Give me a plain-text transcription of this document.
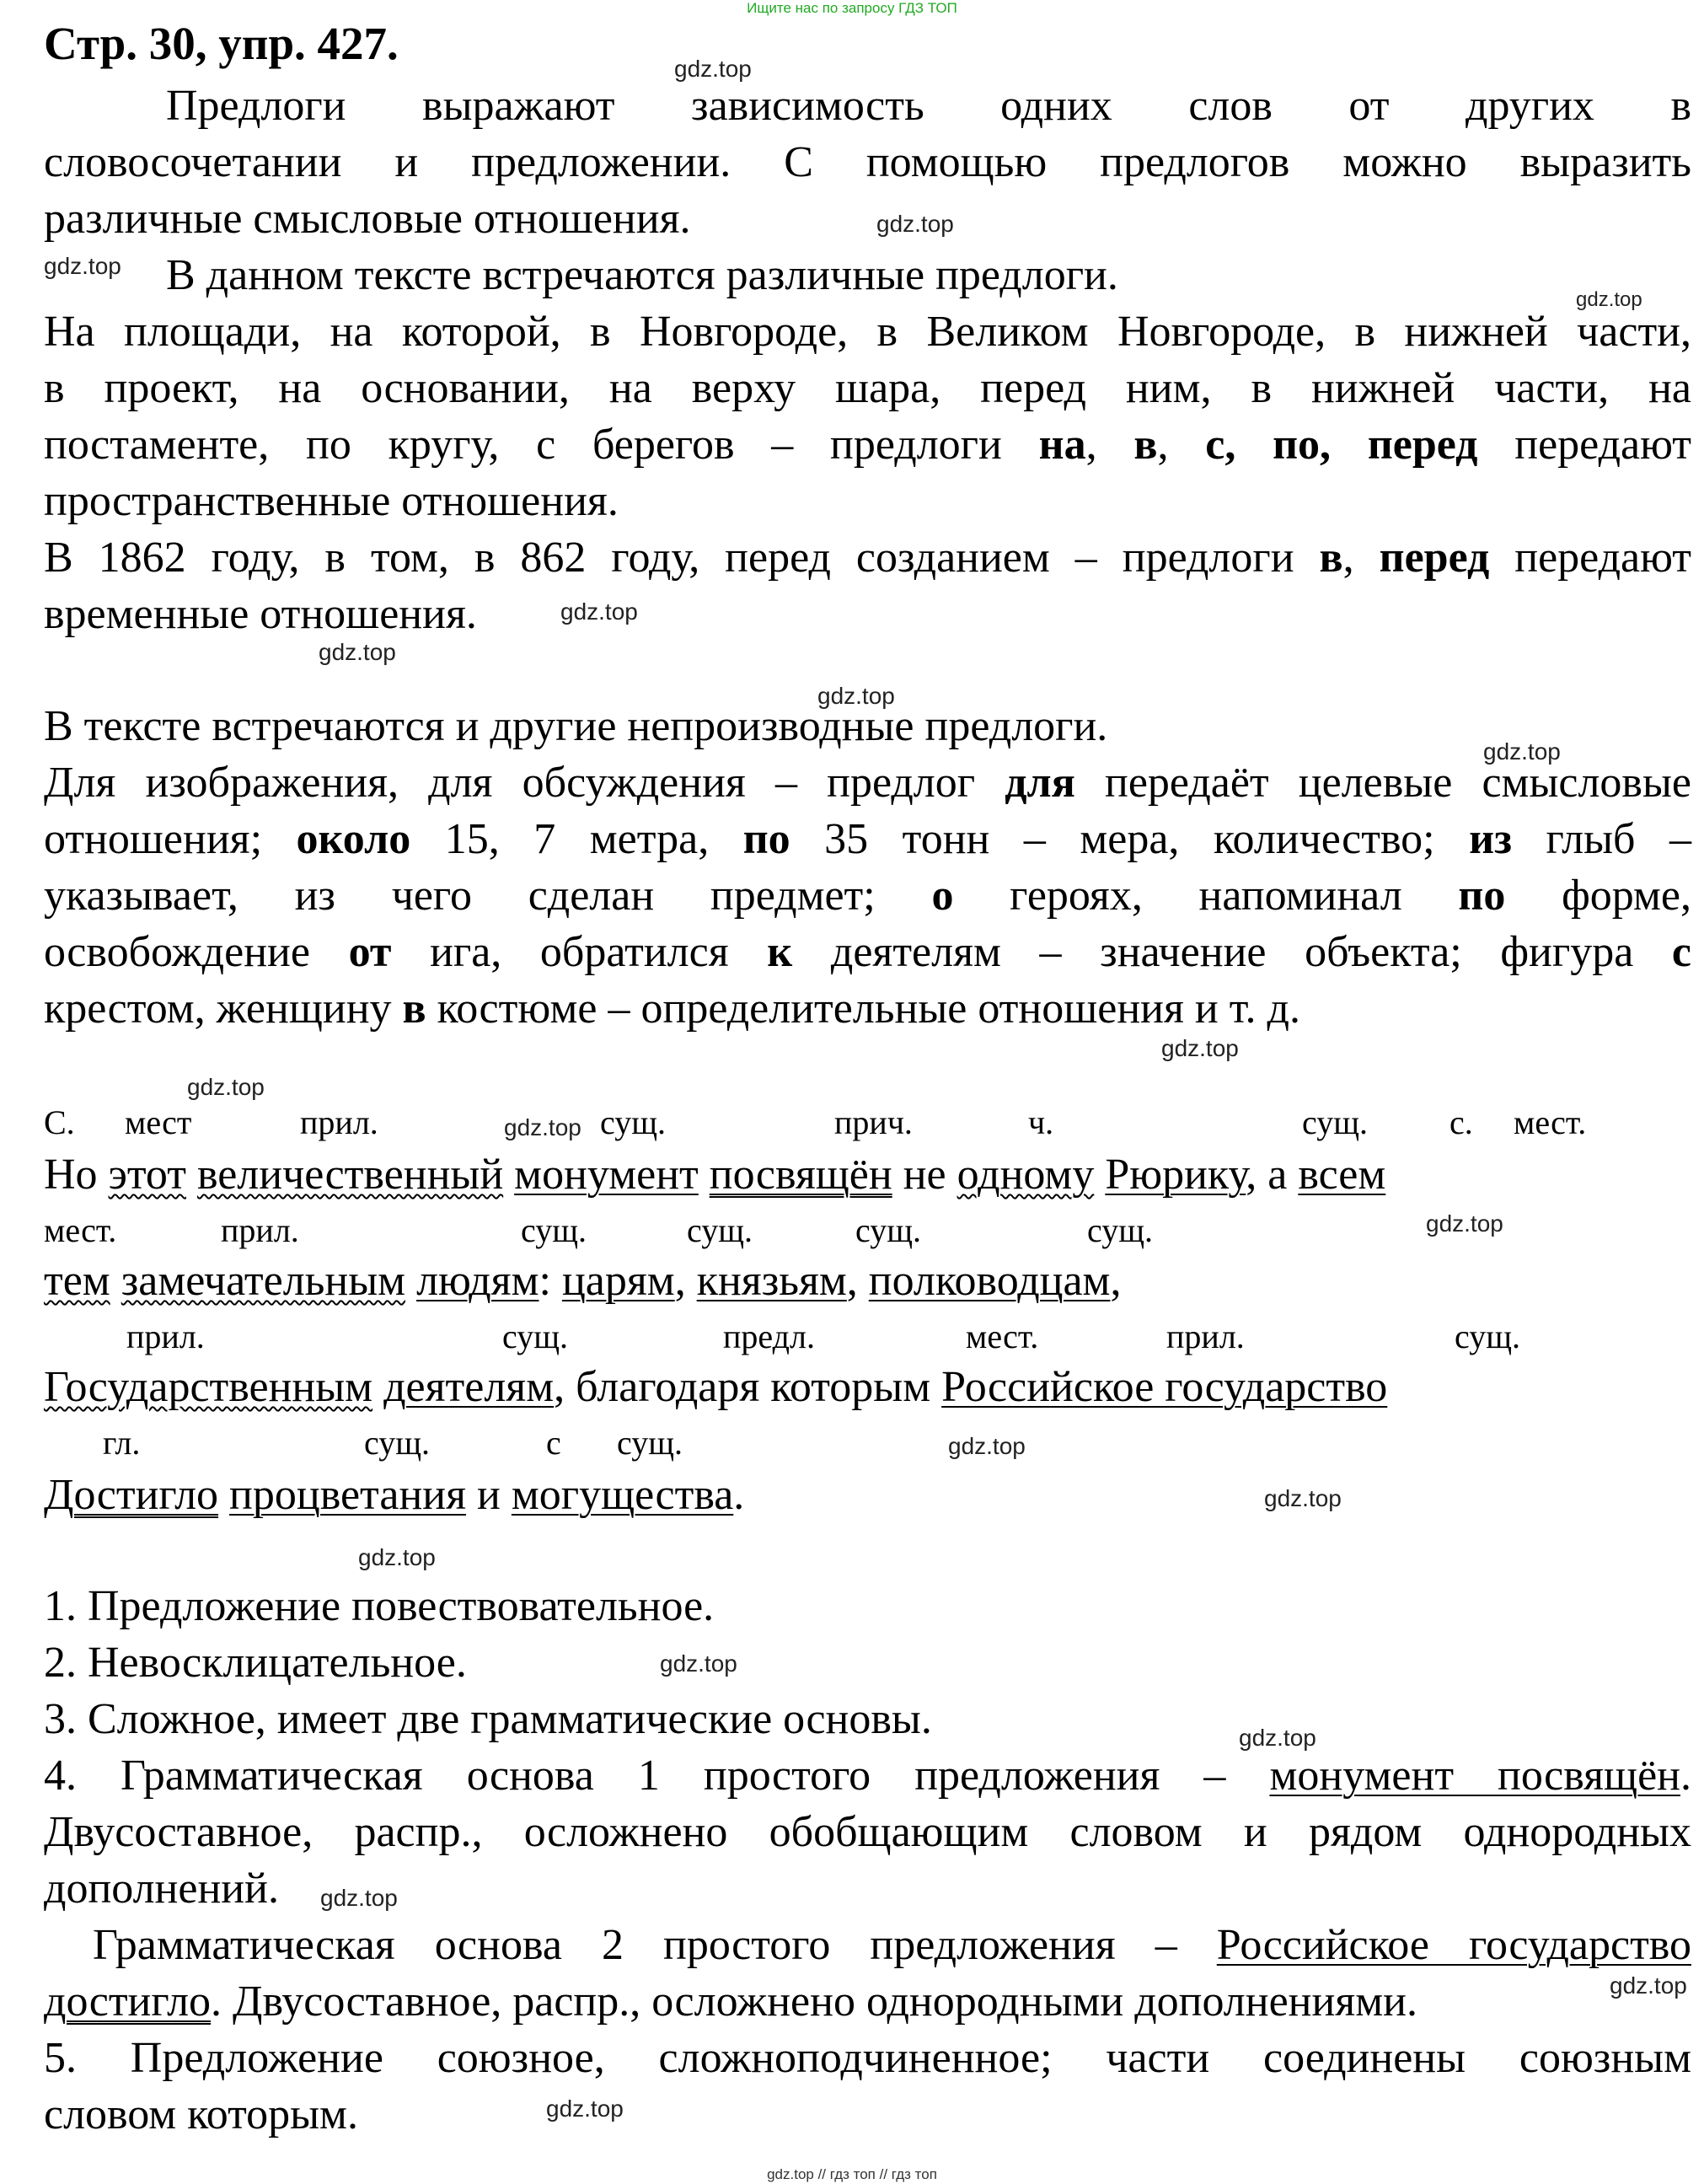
Ищите нас по запросу ГДЗ ТОП
Стр. 30, упр. 427.	gdz.top
gdz.top
gdz.top
gdz.top
gdz.top
gdz.top
gdz.top
gdz.top
gdz.top
gdz.top
gdz.top
gdz.top
gdz.top
gdz.top
gdz.top
gdz.top
gdz.top
gdz.top
gdz.top
gdz.top
Предлоги выражают зависимость одних слов от других в
словосочетании и предложении. С помощью предлогов можно выразить
различные смысловые отношения.
В данном тексте встречаются различные предлоги.
На площади, на которой, в Новгороде, в Великом Новгороде, в нижней части,
в проект, на основании, на верху шара, перед ним, в нижней части, на
постаменте, по кругу, с берегов – предлоги на, в, с, по, перед передают
пространственные отношения.
В 1862 году, в том, в 862 году, перед созданием – предлоги в, перед передают
временные отношения.
В тексте встречаются и другие непроизводные предлоги.
Для изображения, для обсуждения – предлог для передаёт целевые смысловые
отношения; около 15, 7 метра, по 35 тонн – мера, количество; из глыб –
указывает, из чего сделан предмет; о героях, напоминал по форме,
освобождение от ига, обратился к деятелям – значение объекта; фигура с
крестом, женщину в костюме – определительные отношения и т. д.
С. мест	прил.	сущ.	прич.	ч.	сущ. с. мест.
Но этот величественный монумент посвящён не одному Рюрику, а всем
мест.	прил.	сущ.	сущ.	сущ.	сущ.
тем замечательным людям: царям, князьям, полководцам,
прил.	сущ.	предл.	мест.	прил.	сущ.
Государственным деятелям, благодаря которым Российское государство
гл.	сущ.	с сущ.
Достигло процветания и могущества.
1. Предложение повествовательное.
2. Невосклицательное.
3. Сложное, имеет две грамматические основы.
4. Грамматическая основа 1 простого предложения – монумент посвящён.
Двусоставное, распр., осложнено обобщающим словом и рядом однородных
дополнений.
Грамматическая основа 2 простого предложения – Российское государство
достигло. Двусоставное, распр., осложнено однородными дополнениями.
5. Предложение союзное, сложноподчиненное; части соединены союзным
словом которым.
gdz.top // гдз топ // гдз топ
